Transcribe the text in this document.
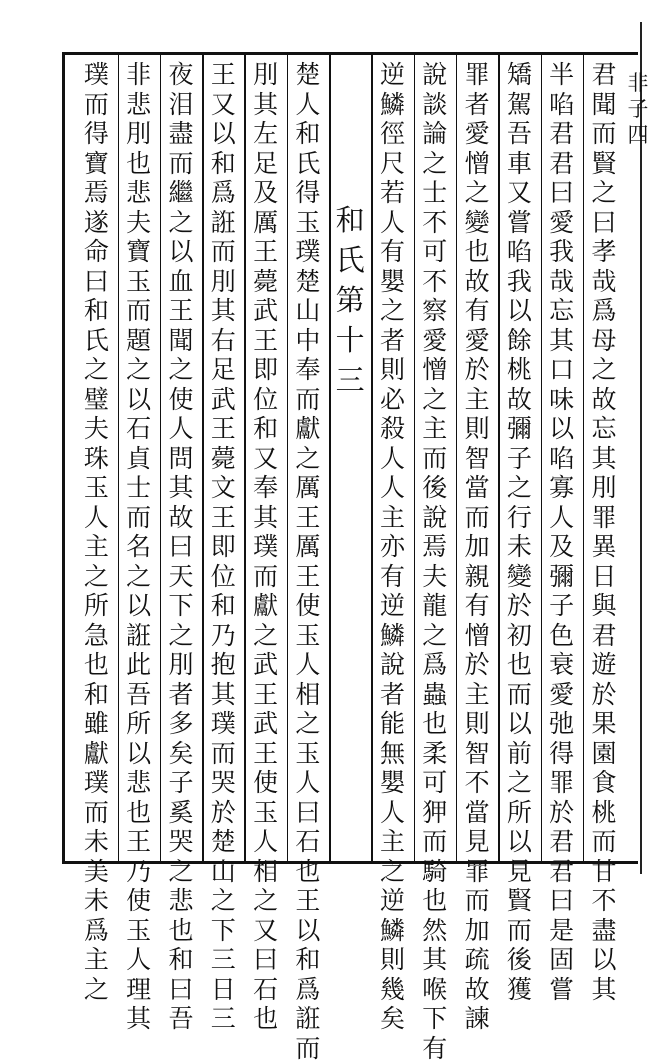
非子四
君
聞
而
賢
之
曰
孝
哉
爲
母
之
故
忘
其
刖
罪
異
日
與
君
遊
於
果
園
食
桃
而
甘
不
盡
以
其
半
啗
君
君
曰
愛
我
哉
忘
其
口
味
以
啗
寡
人
及
彌
子
色
衰
愛
弛
得
罪
於
君
君
曰
是
固
嘗
矯
駕
吾
車
又
嘗
啗
我
以
餘
桃
故
彌
子
之
行
未
變
於
初
也
而
以
前
之
所
以
見
賢
而
後
獲
罪
者
愛
憎
之
變
也
故
有
愛
於
主
則
智
當
而
加
親
有
憎
於
主
則
智
不
當
見
罪
而
加
疏
故
諫
說
談
論
之
士
不
可
不
察
愛
憎
之
主
而
後
說
焉
夫
龍
之
爲
蟲
也
柔
可
狎
而
騎
也
然
其
喉
下
有
逆
鱗
徑
尺
若
人
有
嬰
之
者
則
必
殺
人
人
主
亦
有
逆
鱗
說
者
能
無
嬰
人
主
之
逆
鱗
則
幾
矣
和
氏
第
十
三
楚
人
和
氏
得
玉
璞
楚
山
中
奉
而
獻
之
厲
王
厲
王
使
玉
人
相
之
玉
人
曰
石
也
王
以
和
爲
誑
而
刖
其
左
足
及
厲
王
薨
武
王
即
位
和
又
奉
其
璞
而
獻
之
武
王
武
王
使
玉
人
相
之
又
曰
石
也
王
又
以
和
爲
誑
而
刖
其
右
足
武
王
薨
文
王
即
位
和
乃
抱
其
璞
而
哭
於
楚
山
之
下
三
日
三
夜
泪
盡
而
繼
之
以
血
王
聞
之
使
人
問
其
故
曰
天
下
之
刖
者
多
矣
子
奚
哭
之
悲
也
和
曰
吾
非
悲
刖
也
悲
夫
寶
玉
而
題
之
以
石
貞
士
而
名
之
以
誑
此
吾
所
以
悲
也
王
乃
使
玉
人
理
其
璞
而
得
寶
焉
遂
命
曰
和
氏
之
璧
夫
珠
玉
人
主
之
所
急
也
和
雖
獻
璞
而
未
美
未
爲
主
之
